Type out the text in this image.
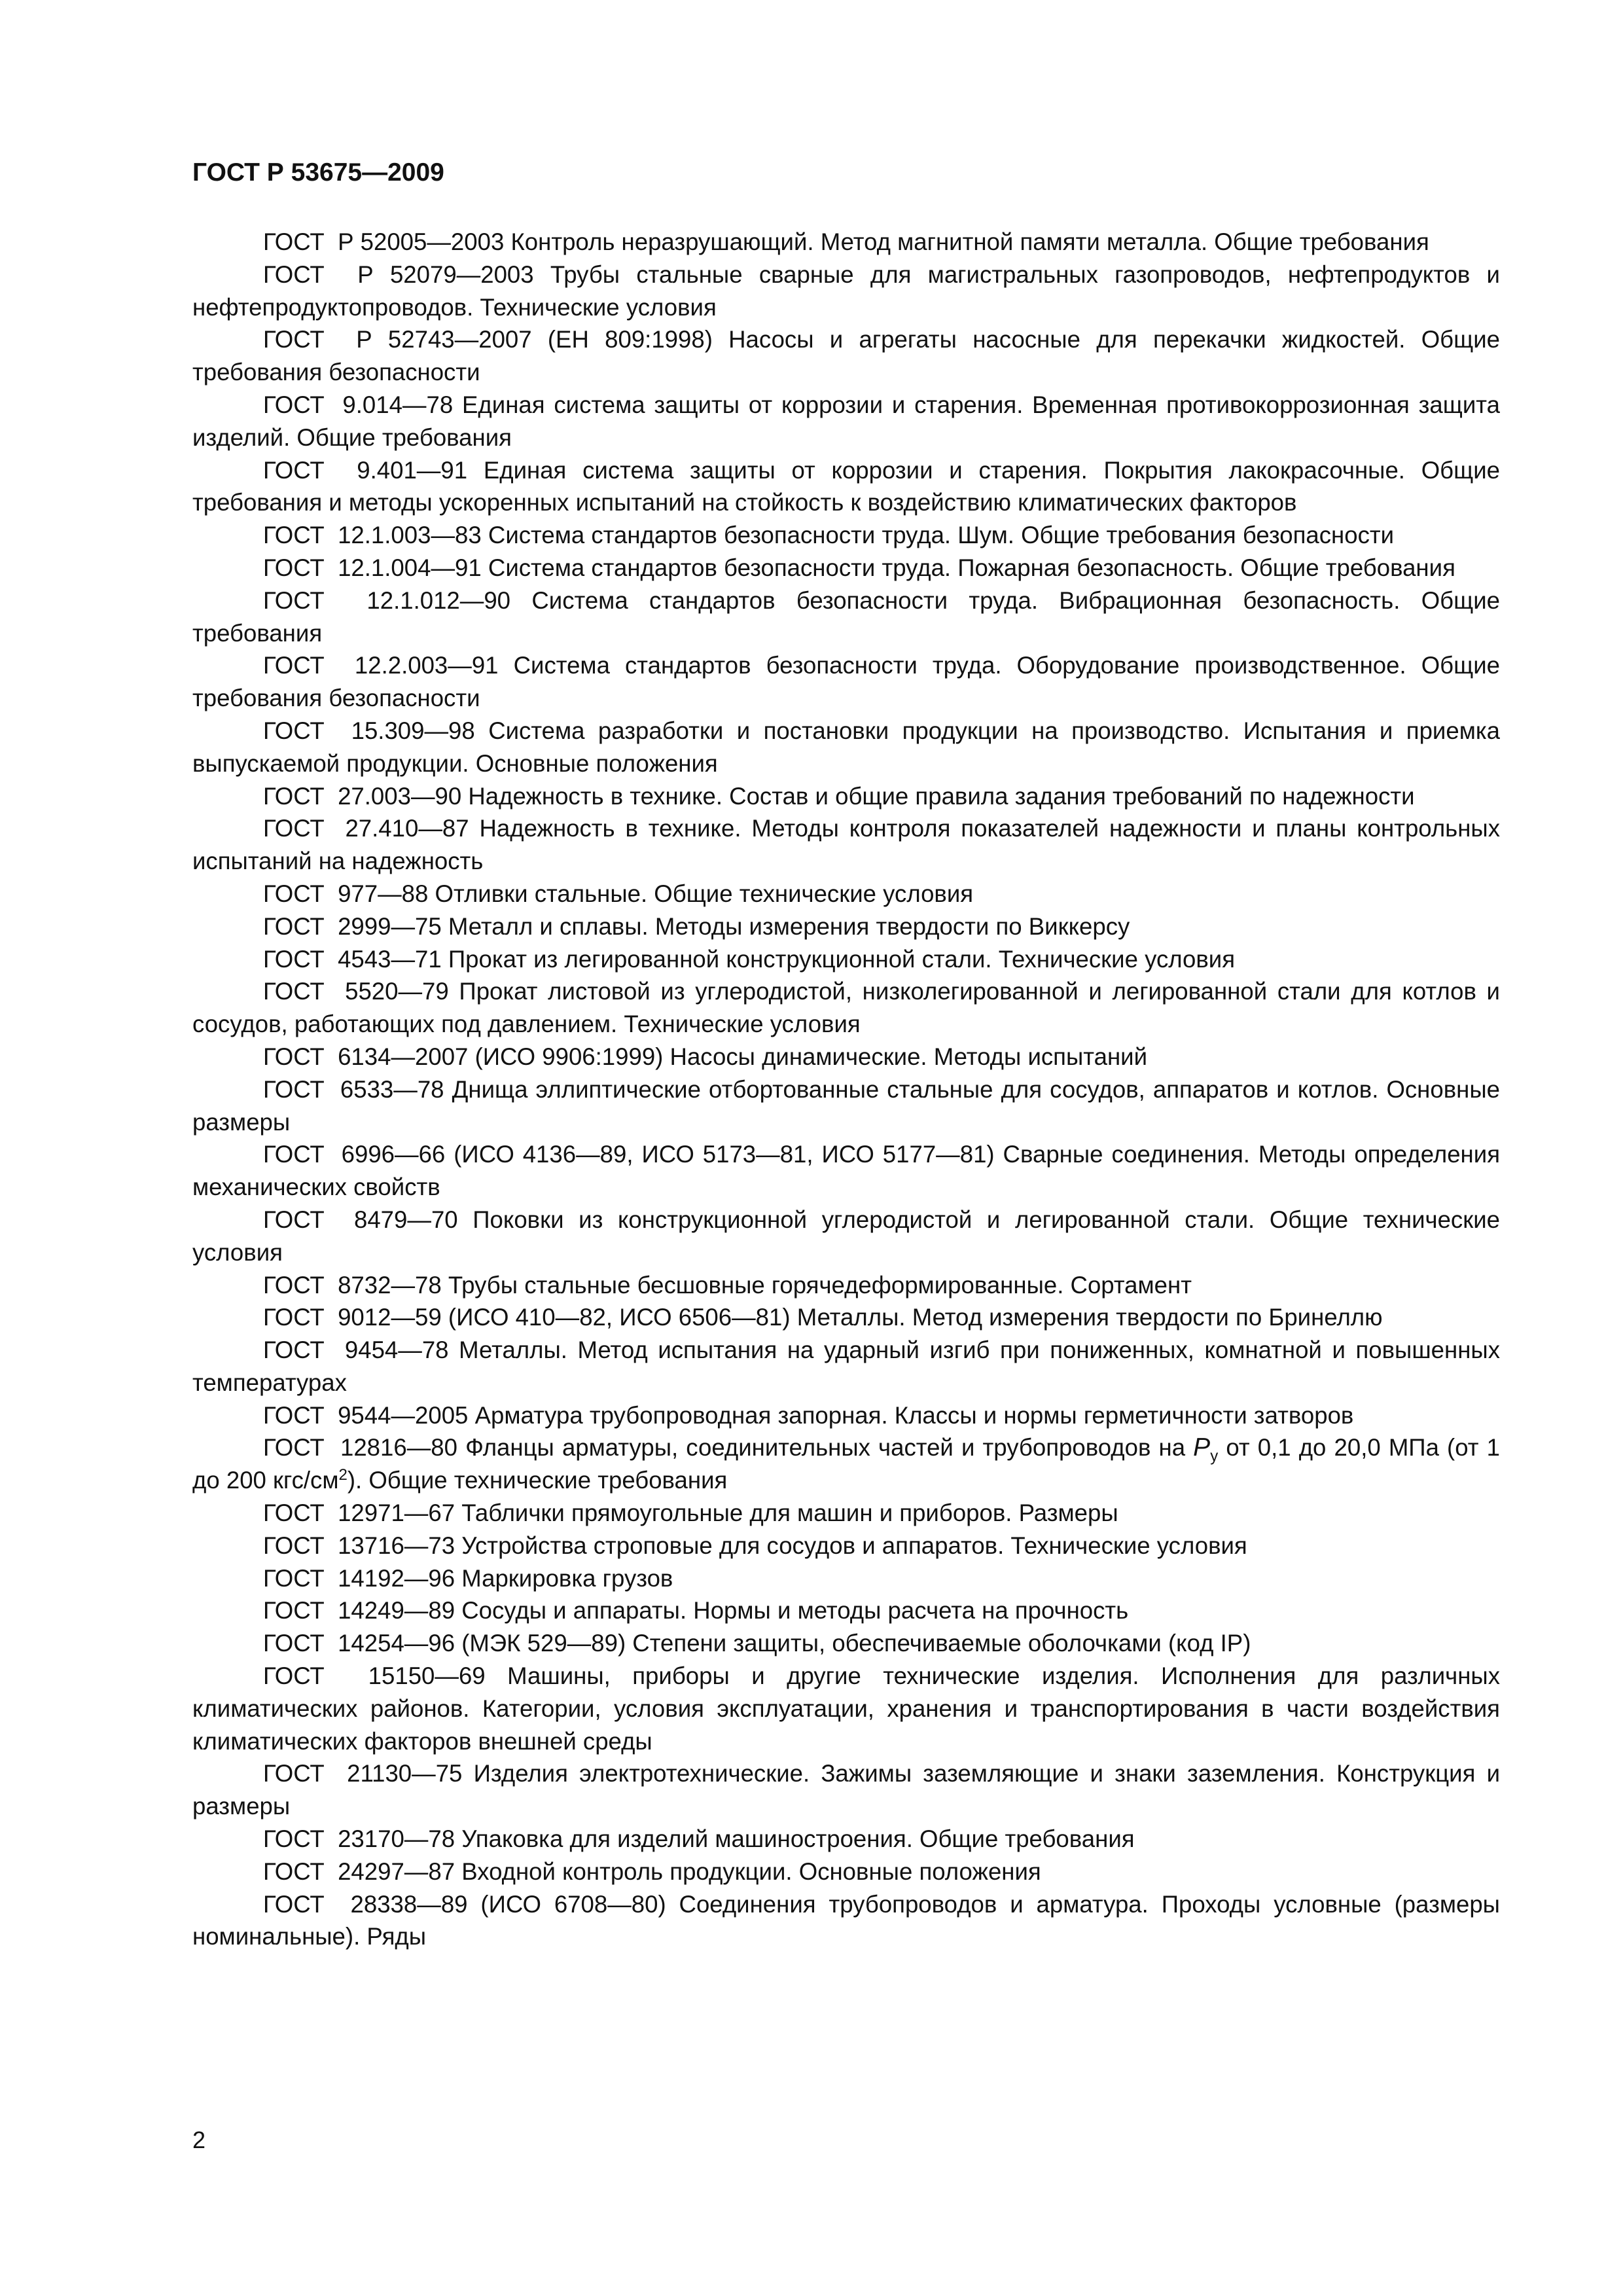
ГОСТ Р 53675—2009

ГОСТ  Р 52005—2003 Контроль неразрушающий. Метод магнитной памяти металла. Общие требования

ГОСТ  Р 52079—2003 Трубы стальные сварные для магистральных газопроводов, нефтепродуктов и нефтепродуктопроводов. Технические условия

ГОСТ  Р 52743—2007 (ЕН 809:1998) Насосы и агрегаты насосные для перекачки жидкостей. Общие требования безопасности

ГОСТ  9.014—78 Единая система защиты от коррозии и старения. Временная противокоррозионная защита изделий. Общие требования

ГОСТ  9.401—91 Единая система защиты от коррозии и старения. Покрытия лакокрасочные. Общие требования и методы ускоренных испытаний на стойкость к воздействию климатических факторов

ГОСТ  12.1.003—83 Система стандартов безопасности труда. Шум. Общие требования безопасности

ГОСТ  12.1.004—91 Система стандартов безопасности труда. Пожарная безопасность. Общие требования

ГОСТ  12.1.012—90 Система стандартов безопасности труда. Вибрационная безопасность. Общие требования

ГОСТ  12.2.003—91 Система стандартов безопасности труда. Оборудование производственное. Общие требования безопасности

ГОСТ  15.309—98 Система разработки и постановки продукции на производство. Испытания и приемка выпускаемой продукции. Основные положения

ГОСТ  27.003—90 Надежность в технике. Состав и общие правила задания требований по надежности

ГОСТ  27.410—87 Надежность в технике. Методы контроля показателей надежности и планы контрольных испытаний на надежность

ГОСТ  977—88 Отливки стальные. Общие технические условия

ГОСТ  2999—75 Металл и сплавы. Методы измерения твердости по Виккерсу

ГОСТ  4543—71 Прокат из легированной конструкционной стали. Технические условия

ГОСТ  5520—79 Прокат листовой из углеродистой, низколегированной и легированной стали для котлов и сосудов, работающих под давлением. Технические условия

ГОСТ  6134—2007 (ИСО 9906:1999) Насосы динамические. Методы испытаний

ГОСТ  6533—78 Днища эллиптические отбортованные стальные для сосудов, аппаратов и котлов. Основные размеры

ГОСТ  6996—66 (ИСО 4136—89, ИСО 5173—81, ИСО 5177—81) Сварные соединения. Методы определения механических свойств

ГОСТ  8479—70 Поковки из конструкционной углеродистой и легированной стали. Общие технические условия

ГОСТ  8732—78 Трубы стальные бесшовные горячедеформированные. Сортамент

ГОСТ  9012—59 (ИСО 410—82, ИСО 6506—81) Металлы. Метод измерения твердости по Бринеллю

ГОСТ  9454—78 Металлы. Метод испытания на ударный изгиб при пониженных, комнатной и повышенных температурах

ГОСТ  9544—2005 Арматура трубопроводная запорная. Классы и нормы герметичности затворов

ГОСТ  12816—80 Фланцы арматуры, соединительных частей и трубопроводов на $P_у$ от 0,1 до 20,0 МПа (от 1 до 200 кгс/$см^2$). Общие технические требования

ГОСТ  12971—67 Таблички прямоугольные для машин и приборов. Размеры

ГОСТ  13716—73 Устройства строповые для сосудов и аппаратов. Технические условия

ГОСТ  14192—96 Маркировка грузов

ГОСТ  14249—89 Сосуды и аппараты. Нормы и методы расчета на прочность

ГОСТ  14254—96 (МЭК 529—89) Степени защиты, обеспечиваемые оболочками (код IP)

ГОСТ  15150—69 Машины, приборы и другие технические изделия. Исполнения для различных климатических районов. Категории, условия эксплуатации, хранения и транспортирования в части воздействия климатических факторов внешней среды

ГОСТ  21130—75 Изделия электротехнические. Зажимы заземляющие и знаки заземления. Конструкция и размеры

ГОСТ  23170—78 Упаковка для изделий машиностроения. Общие требования

ГОСТ  24297—87 Входной контроль продукции. Основные положения

ГОСТ  28338—89 (ИСО 6708—80) Соединения трубопроводов и арматура. Проходы условные (размеры номинальные). Ряды

2
